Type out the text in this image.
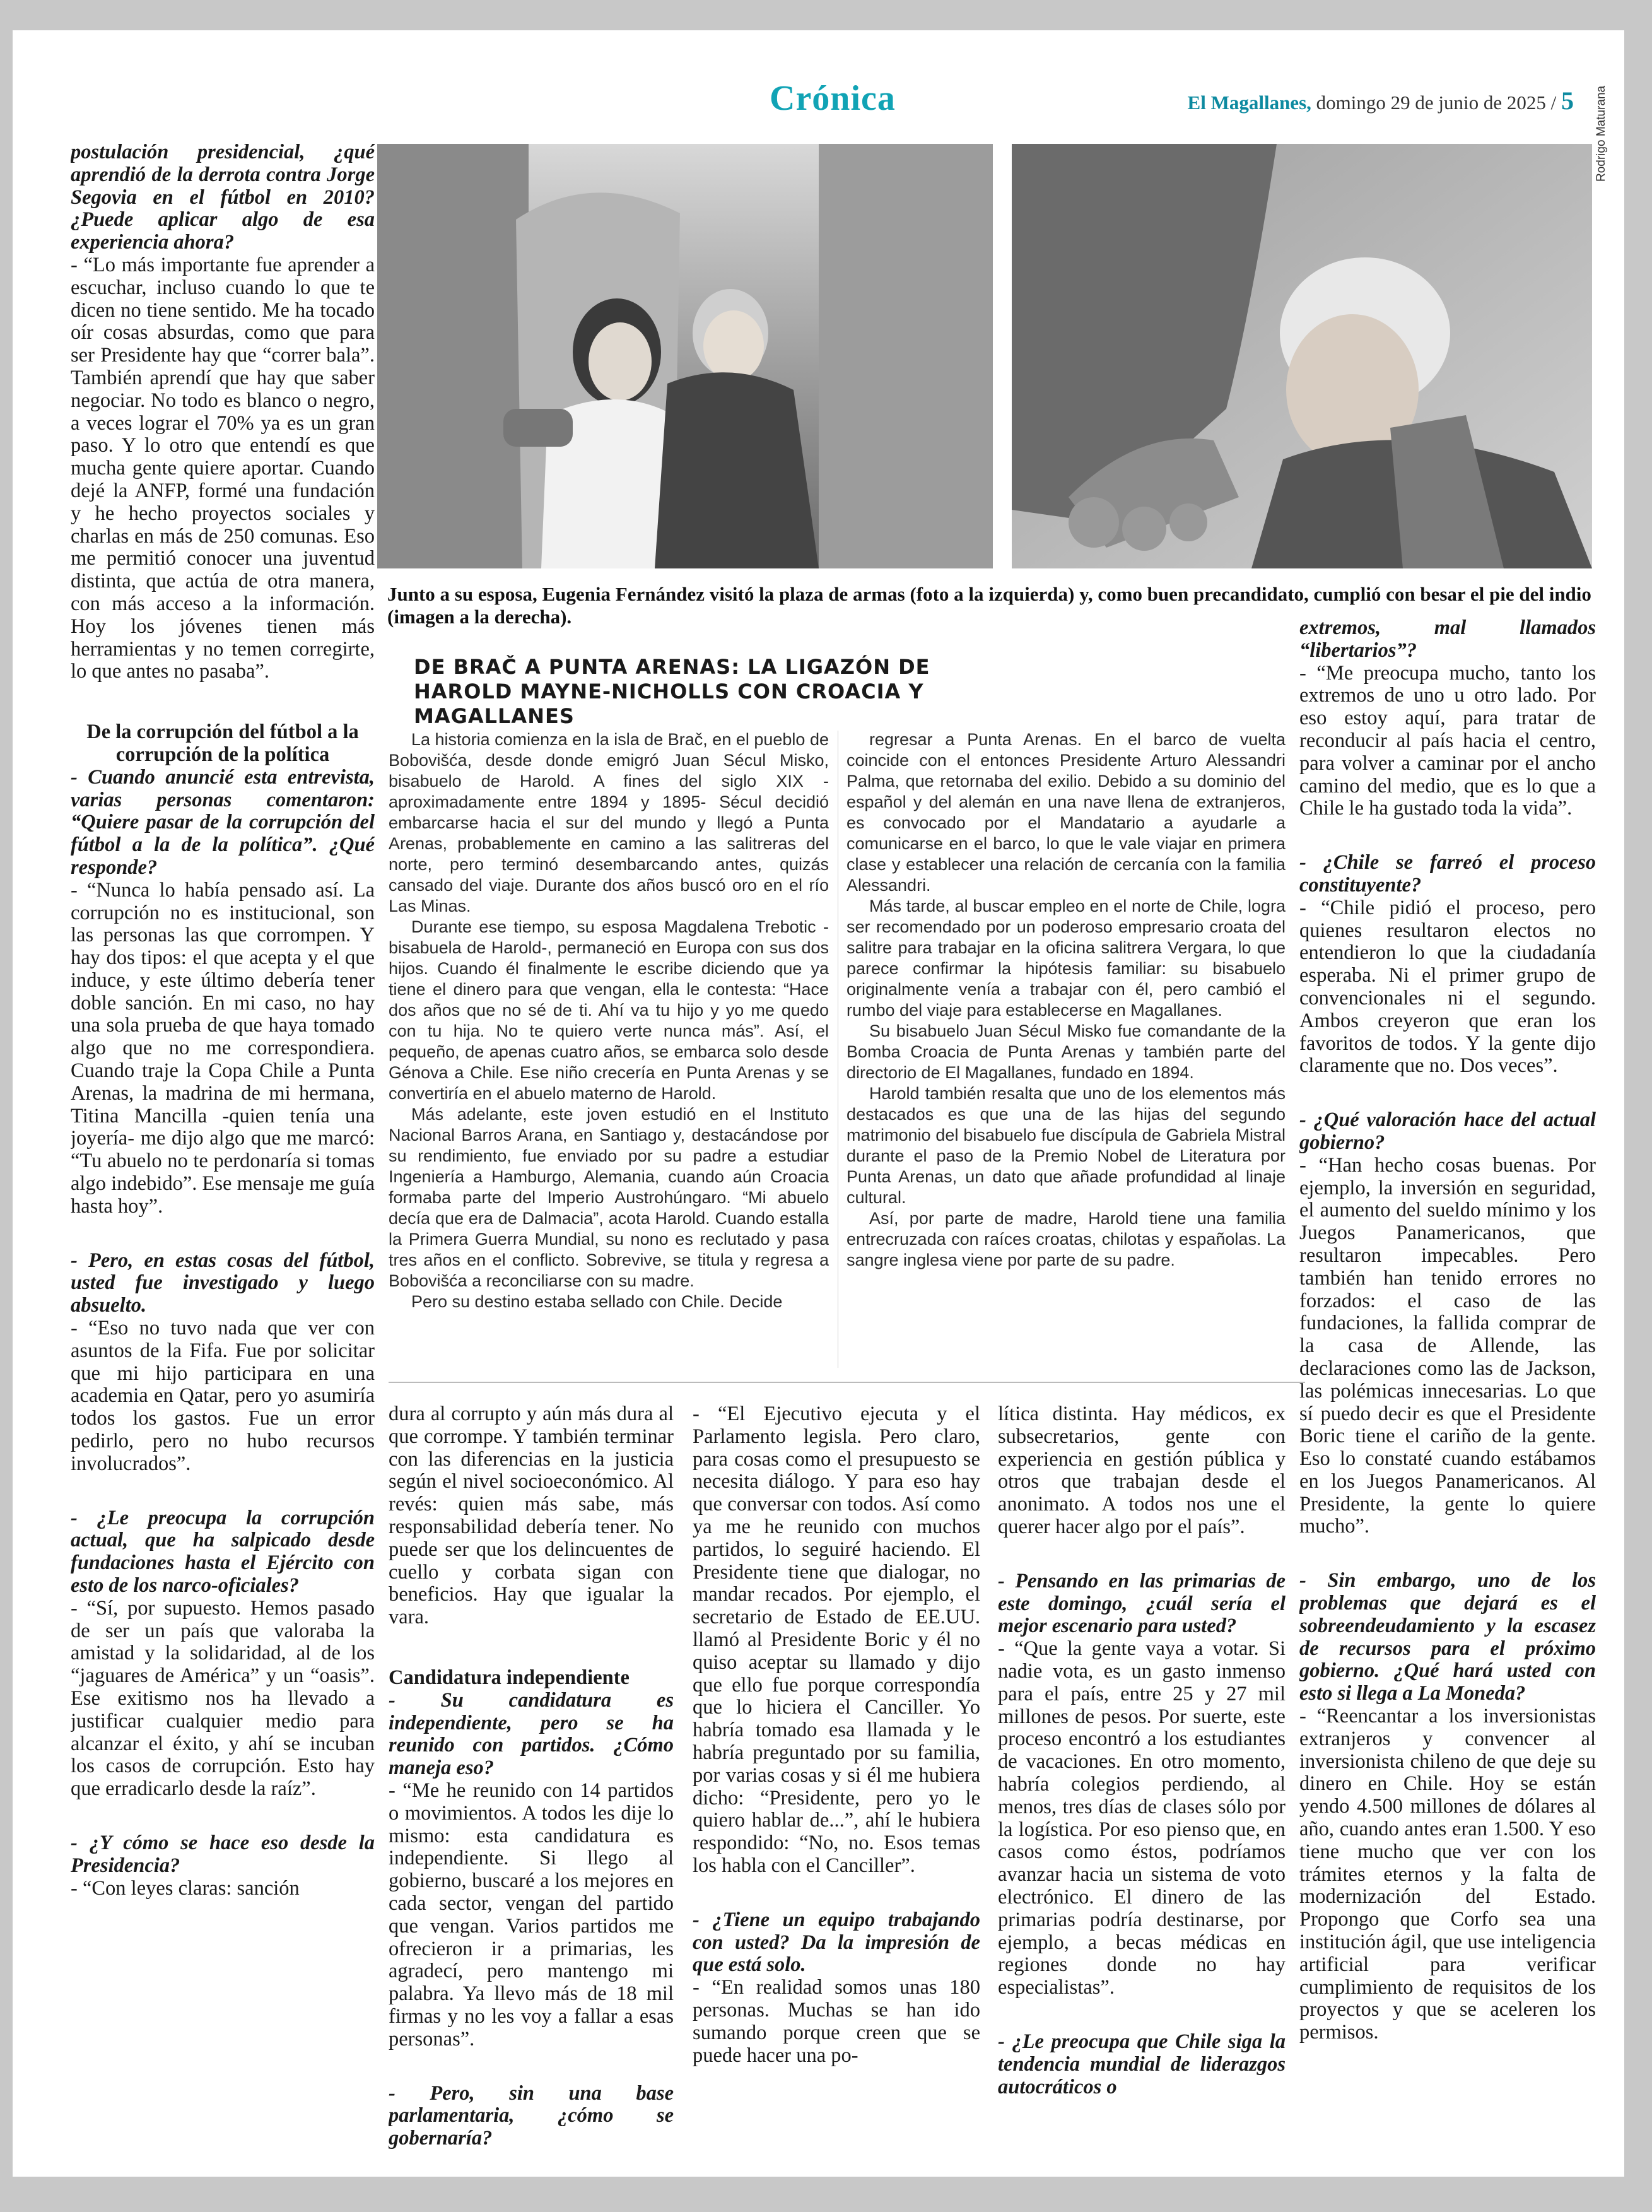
Crónica	El Magallanes, domingo 29 de junio de 2025 / 5

postulación presidencial, ¿qué aprendió de la derrota contra Jorge Segovia en el fútbol en 2010? ¿Puede aplicar algo de esa experiencia ahora?

- “Lo más importante fue aprender a escuchar, incluso cuando lo que te dicen no tiene sentido. Me ha tocado oír cosas absurdas, como que para ser Presidente hay que “correr bala”. También aprendí que hay que saber negociar. No todo es blanco o negro, a veces lograr el 70% ya es un gran paso. Y lo otro que entendí es que mucha gente quiere aportar. Cuando dejé la ANFP, formé una fundación y he hecho proyectos sociales y charlas en más de 250 comunas. Eso me permitió conocer una juventud distinta, que actúa de otra manera, con más acceso a la información. Hoy los jóvenes tienen más herramientas y no temen corregirte, lo que antes no pasaba”.

De la corrupción del fútbol a la corrupción de la política

- Cuando anuncié esta entrevista, varias personas comentaron: “Quiere pasar de la corrupción del fútbol a la de la política”. ¿Qué responde?

- “Nunca lo había pensado así. La corrupción no es institucional, son las personas las que corrompen. Y hay dos tipos: el que acepta y el que induce, y este último debería tener doble sanción. En mi caso, no hay una sola prueba de que haya tomado algo que no me correspondiera. Cuando traje la Copa Chile a Punta Arenas, la madrina de mi hermana, Titina Mancilla -quien tenía una joyería- me dijo algo que me marcó: “Tu abuelo no te perdonaría si tomas algo indebido”. Ese mensaje me guía hasta hoy”.

- Pero, en estas cosas del fútbol, usted fue investigado y luego absuelto.

- “Eso no tuvo nada que ver con asuntos de la Fifa. Fue por solicitar que mi hijo participara en una academia en Qatar, pero yo asumiría todos los gastos. Fue un error pedirlo, pero no hubo recursos involucrados”.

- ¿Le preocupa la corrupción actual, que ha salpicado desde fundaciones hasta el Ejército con esto de los narco-oficiales?

- “Sí, por supuesto. Hemos pasado de ser un país que valoraba la amistad y la solidaridad, al de los “jaguares de América” y un “oasis”. Ese exitismo nos ha llevado a justificar cualquier medio para alcanzar el éxito, y ahí se incuban los casos de corrupción. Esto hay que erradicarlo desde la raíz”.

- ¿Y cómo se hace eso desde la Presidencia?

- “Con leyes claras: sanción

Rodrigo Maturana
Junto a su esposa, Eugenia Fernández visitó la plaza de armas (foto a la izquierda) y, como buen precandidato, cumplió con besar el pie del indio (imagen a la derecha).
DE BRAČ A PUNTA ARENAS: LA LIGAZÓN DE HAROLD MAYNE-NICHOLLS CON CROACIA Y MAGALLANES

La historia comienza en la isla de Brač, en el pueblo de Bobovišća, desde donde emigró Juan Sécul Misko, bisabuelo de Harold. A fines del siglo XIX -aproximadamente entre 1894 y 1895- Sécul decidió embarcarse hacia el sur del mundo y llegó a Punta Arenas, probablemente en camino a las salitreras del norte, pero terminó desembarcando antes, quizás cansado del viaje. Durante dos años buscó oro en el río Las Minas.

Durante ese tiempo, su esposa Magdalena Trebotic -bisabuela de Harold-, permaneció en Europa con sus dos hijos. Cuando él finalmente le escribe diciendo que ya tiene el dinero para que vengan, ella le contesta: “Hace dos años que no sé de ti. Ahí va tu hijo y yo me quedo con tu hija. No te quiero verte nunca más”. Así, el pequeño, de apenas cuatro años, se embarca solo desde Génova a Chile. Ese niño crecería en Punta Arenas y se convertiría en el abuelo materno de Harold.

Más adelante, este joven estudió en el Instituto Nacional Barros Arana, en Santiago y, destacándose por su rendimiento, fue enviado por su padre a estudiar Ingeniería a Hamburgo, Alemania, cuando aún Croacia formaba parte del Imperio Austrohúngaro. “Mi abuelo decía que era de Dalmacia”, acota Harold. Cuando estalla la Primera Guerra Mundial, su nono es reclutado y pasa tres años en el conflicto. Sobrevive, se titula y regresa a Bobovišća a reconciliarse con su madre.

Pero su destino estaba sellado con Chile. Decide

regresar a Punta Arenas. En el barco de vuelta coincide con el entonces Presidente Arturo Alessandri Palma, que retornaba del exilio. Debido a su dominio del español y del alemán en una nave llena de extranjeros, es convocado por el Mandatario a ayudarle a comunicarse en el barco, lo que le vale viajar en primera clase y establecer una relación de cercanía con la familia Alessandri.

Más tarde, al buscar empleo en el norte de Chile, logra ser recomendado por un poderoso empresario croata del salitre para trabajar en la oficina salitrera Vergara, lo que parece confirmar la hipótesis familiar: su bisabuelo originalmente venía a trabajar con él, pero cambió el rumbo del viaje para establecerse en Magallanes.

Su bisabuelo Juan Sécul Misko fue comandante de la Bomba Croacia de Punta Arenas y también parte del directorio de El Magallanes, fundado en 1894.

Harold también resalta que uno de los elementos más destacados es que una de las hijas del segundo matrimonio del bisabuelo fue discípula de Gabriela Mistral durante el paso de la Premio Nobel de Literatura por Punta Arenas, un dato que añade profundidad al linaje cultural.

Así, por parte de madre, Harold tiene una familia entrecruzada con raíces croatas, chilotas y españolas. La sangre inglesa viene por parte de su padre.

dura al corrupto y aún más dura al que corrompe. Y también terminar con las diferencias en la justicia según el nivel socioeconómico. Al revés: quien más sabe, más responsabilidad debería tener. No puede ser que los delincuentes de cuello y corbata sigan con beneficios. Hay que igualar la vara.

Candidatura independiente

- Su candidatura es independiente, pero se ha reunido con partidos. ¿Cómo maneja eso?

- “Me he reunido con 14 partidos o movimientos. A todos les dije lo mismo: esta candidatura es independiente. Si llego al gobierno, buscaré a los mejores en cada sector, vengan del partido que vengan. Varios partidos me ofrecieron ir a primarias, les agradecí, pero mantengo mi palabra. Ya llevo más de 18 mil firmas y no les voy a fallar a esas personas”.

- Pero, sin una base parlamentaria, ¿cómo se gobernaría?

- “El Ejecutivo ejecuta y el Parlamento legisla. Pero claro, para cosas como el presupuesto se necesita diálogo. Y para eso hay que conversar con todos. Así como ya me he reunido con muchos partidos, lo seguiré haciendo. El Presidente tiene que dialogar, no mandar recados. Por ejemplo, el secretario de Estado de EE.UU. llamó al Presidente Boric y él no quiso aceptar su llamado y dijo que ello fue porque correspondía que lo hiciera el Canciller. Yo habría tomado esa llamada y le habría preguntado por su familia, por varias cosas y si él me hubiera dicho: “Presidente, pero yo le quiero hablar de...”, ahí le hubiera respondido: “No, no. Esos temas los habla con el Canciller”.

- ¿Tiene un equipo trabajando con usted? Da la impresión de que está solo.

- “En realidad somos unas 180 personas. Muchas se han ido sumando porque creen que se puede hacer una po-

lítica distinta. Hay médicos, ex subsecretarios, gente con experiencia en gestión pública y otros que trabajan desde el anonimato. A todos nos une el querer hacer algo por el país”.

- Pensando en las primarias de este domingo, ¿cuál sería el mejor escenario para usted?

- “Que la gente vaya a votar. Si nadie vota, es un gasto inmenso para el país, entre 25 y 27 mil millones de pesos. Por suerte, este proceso encontró a los estudiantes de vacaciones. En otro momento, habría colegios perdiendo, al menos, tres días de clases sólo por la logística. Por eso pienso que, en casos como éstos, podríamos avanzar hacia un sistema de voto electrónico. El dinero de las primarias podría destinarse, por ejemplo, a becas médicas en regiones donde no hay especialistas”.

- ¿Le preocupa que Chile siga la tendencia mundial de liderazgos autocráticos o

extremos, mal llamados “libertarios”?

- “Me preocupa mucho, tanto los extremos de uno u otro lado. Por eso estoy aquí, para tratar de reconducir al país hacia el centro, para volver a caminar por el ancho camino del medio, que es lo que a Chile le ha gustado toda la vida”.

- ¿Chile se farreó el proceso constituyente?

- “Chile pidió el proceso, pero quienes resultaron electos no entendieron lo que la ciudadanía esperaba. Ni el primer grupo de convencionales ni el segundo. Ambos creyeron que eran los favoritos de todos. Y la gente dijo claramente que no. Dos veces”.

- ¿Qué valoración hace del actual gobierno?

- “Han hecho cosas buenas. Por ejemplo, la inversión en seguridad, el aumento del sueldo mínimo y los Juegos Panamericanos, que resultaron impecables. Pero también han tenido errores no forzados: el caso de las fundaciones, la fallida comprar de la casa de Allende, las declaraciones como las de Jackson, las polémicas innecesarias. Lo que sí puedo decir es que el Presidente Boric tiene el cariño de la gente. Eso lo constaté cuando estábamos en los Juegos Panamericanos. Al Presidente, la gente lo quiere mucho”.

- Sin embargo, uno de los problemas que dejará es el sobreendeudamiento y la escasez de recursos para el próximo gobierno. ¿Qué hará usted con esto si llega a La Moneda?

- “Reencantar a los inversionistas extranjeros y convencer al inversionista chileno de que deje su dinero en Chile. Hoy se están yendo 4.500 millones de dólares al año, cuando antes eran 1.500. Y eso tiene mucho que ver con los trámites eternos y la falta de modernización del Estado. Propongo que Corfo sea una institución ágil, que use inteligencia artificial para verificar cumplimiento de requisitos de los proyectos y que se aceleren los permisos.
